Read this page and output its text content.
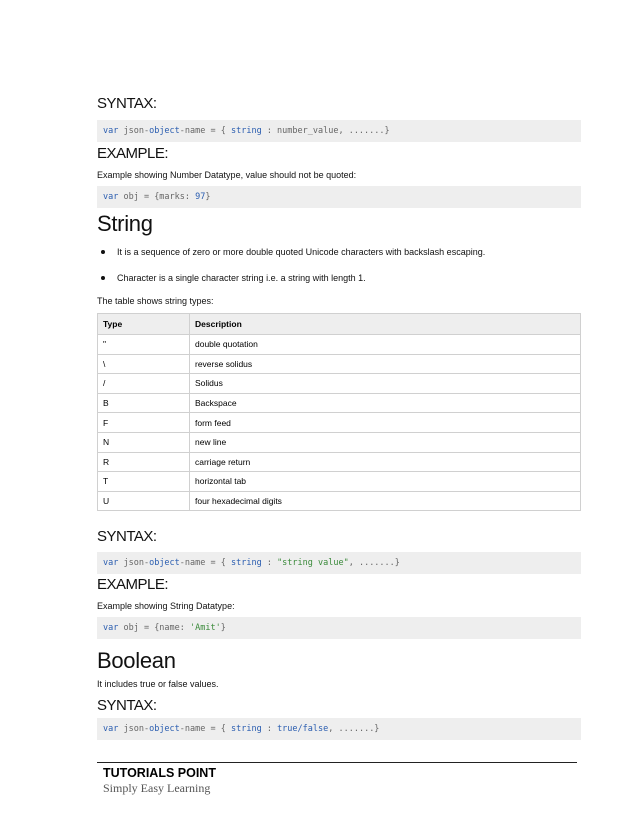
SYNTAX:
var json-object-name = { string : number_value, .......}
EXAMPLE:
Example showing Number Datatype, value should not be quoted:
var obj = {marks: 97}
String
It is a sequence of zero or more double quoted Unicode characters with backslash escaping.
Character is a single character string i.e. a string with length 1.
The table shows string types:
Type	Description
"	double quotation
\	reverse solidus
/	Solidus
B	Backspace
F	form feed
N	new line
R	carriage return
T	horizontal tab
U	four hexadecimal digits
SYNTAX:
var json-object-name = { string : "string value", .......}
EXAMPLE:
Example showing String Datatype:
var obj = {name: 'Amit'}
Boolean
It includes true or false values.
SYNTAX:
var json-object-name = { string : true/false, .......}
TUTORIALS POINT
Simply Easy Learning
